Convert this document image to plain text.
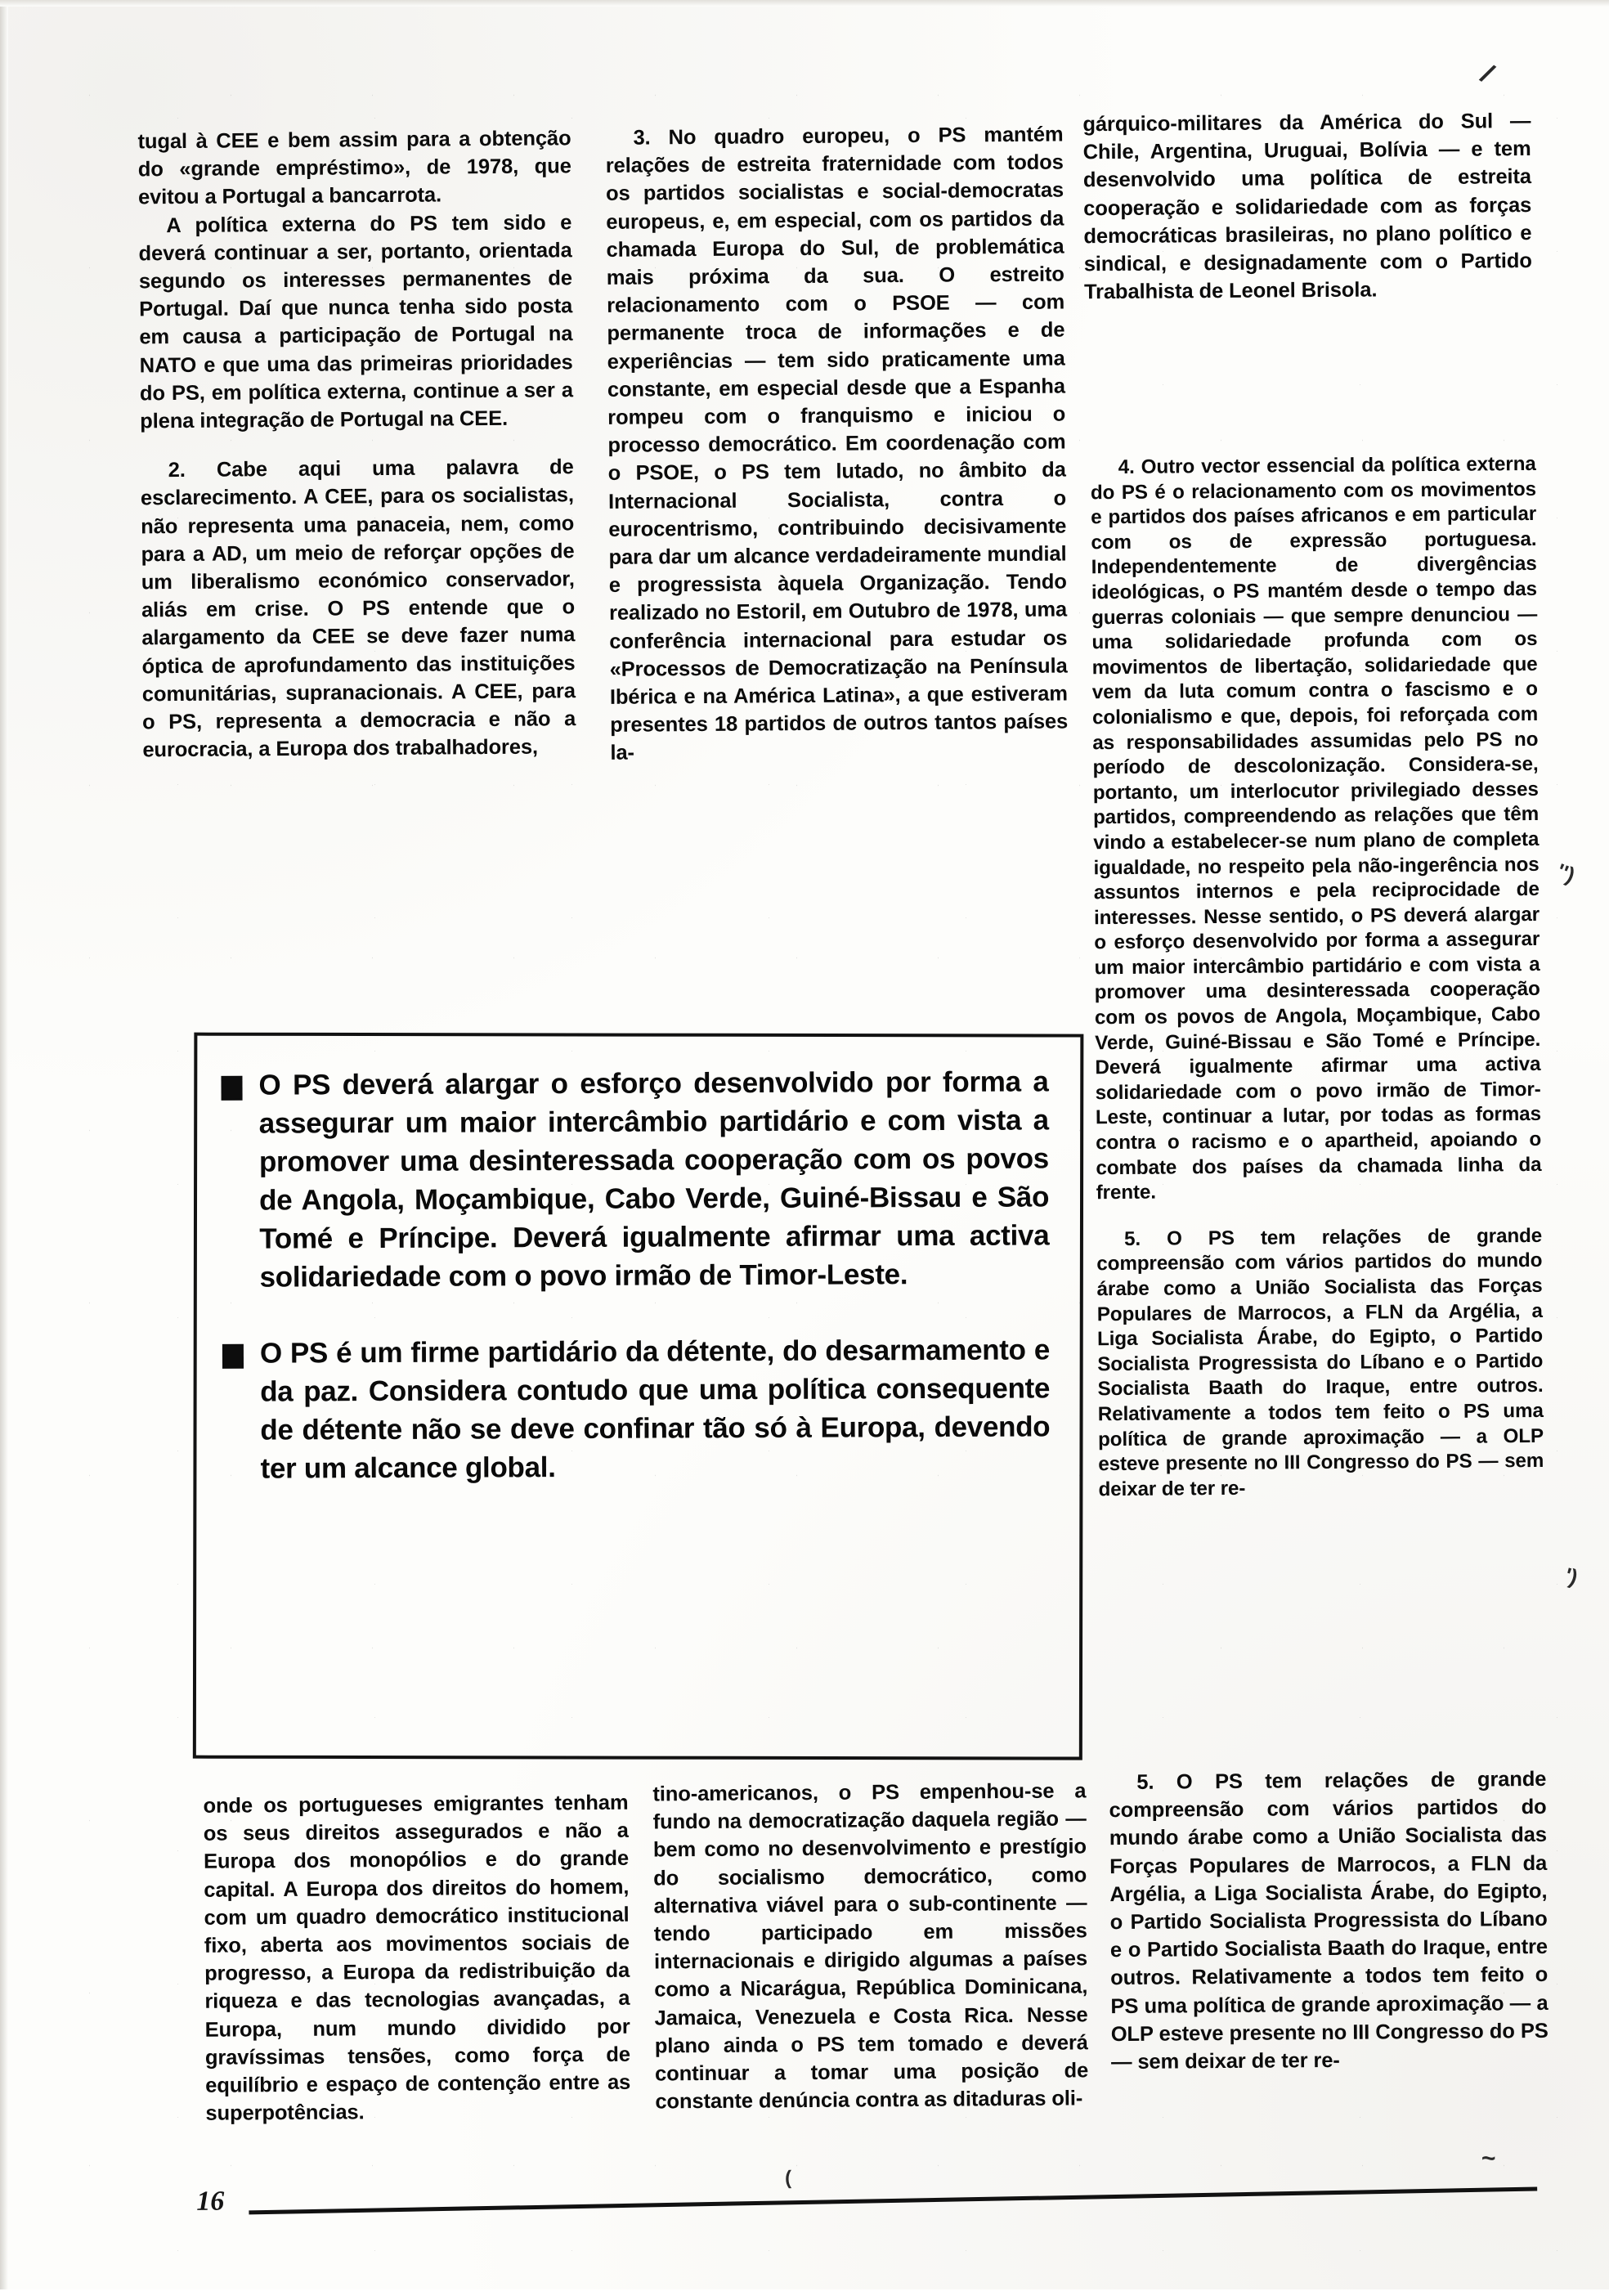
tugal à CEE e bem assim para a obtenção do «grande empréstimo», de 1978, que evitou a Portugal a bancarrota.

A política externa do PS tem sido e deverá continuar a ser, portanto, orientada segundo os interesses permanentes de Portugal. Daí que nunca tenha sido posta em causa a participação de Portugal na NATO e que uma das primeiras prioridades do PS, em política externa, continue a ser a plena integração de Portugal na CEE.

2. Cabe aqui uma palavra de esclarecimento. A CEE, para os socialistas, não representa uma panaceia, nem, como para a AD, um meio de reforçar opções de um liberalismo económico conservador, aliás em crise. O PS entende que o alargamento da CEE se deve fazer numa óptica de aprofundamento das instituições comunitárias, supranacionais. A CEE, para o PS, representa a democracia e não a eurocracia, a Europa dos trabalhadores,

3. No quadro europeu, o PS mantém relações de estreita fraternidade com todos os partidos socialistas e social-democratas europeus, e, em especial, com os partidos da chamada Europa do Sul, de problemática mais próxima da sua. O estreito relacionamento com o PSOE — com permanente troca de informações e de experiências — tem sido praticamente uma constante, em especial desde que a Espanha rompeu com o franquismo e iniciou o processo democrático. Em coordenação com o PSOE, o PS tem lutado, no âmbito da Internacional Socialista, contra o eurocentrismo, contribuindo decisivamente para dar um alcance verdadeiramente mundial e progressista àquela Organização. Tendo realizado no Estoril, em Outubro de 1978, uma conferência internacional para estudar os «Processos de Democratização na Península Ibérica e na América Latina», a que estiveram presentes 18 partidos de outros tantos países la-

gárquico-militares da América do Sul — Chile, Argentina, Uruguai, Bolívia — e tem desenvolvido uma política de estreita cooperação e solidariedade com as forças democráticas brasileiras, no plano político e sindical, e designadamente com o Partido Trabalhista de Leonel Brisola.

4. Outro vector essencial da política externa do PS é o relacionamento com os movimentos e partidos dos países africanos e em particular com os de expressão portuguesa. Independentemente de divergências ideológicas, o PS mantém desde o tempo das guerras coloniais — que sempre denunciou — uma solidariedade profunda com os movimentos de libertação, solidariedade que vem da luta comum contra o fascismo e o colonialismo e que, depois, foi reforçada com as responsabilidades assumidas pelo PS no período de descolonização. Considera-se, portanto, um interlocutor privilegiado desses partidos, compreendendo as relações que têm vindo a estabelecer-se num plano de completa igualdade, no respeito pela não-ingerência nos assuntos internos e pela reciprocidade de interesses. Nesse sentido, o PS deverá alargar o esforço desenvolvido por forma a assegurar um maior intercâmbio partidário e com vista a promover uma desinteressada cooperação com os povos de Angola, Moçambique, Cabo Verde, Guiné-Bissau e São Tomé e Príncipe. Deverá igualmente afirmar uma activa solidariedade com o povo irmão de Timor-Leste, continuar a lutar, por todas as formas contra o racismo e o apartheid, apoiando o combate dos países da chamada linha da frente.

5. O PS tem relações de grande compreensão com vários partidos do mundo árabe como a União Socialista das Forças Populares de Marrocos, a FLN da Argélia, a Liga Socialista Árabe, do Egipto, o Partido Socialista Progressista do Líbano e o Partido Socialista Baath do Iraque, entre outros. Relativamente a todos tem feito o PS uma política de grande aproximação — a OLP esteve presente no III Congresso do PS — sem deixar de ter re-

O PS deverá alargar o esforço desenvolvido por forma a assegurar um maior intercâmbio partidário e com vista a promover uma desinteressada cooperação com os povos de Angola, Moçambique, Cabo Verde, Guiné-Bissau e São Tomé e Príncipe. Deverá igualmente afirmar uma activa solidariedade com o povo irmão de Timor-Leste.
O PS é um firme partidário da détente, do desarmamento e da paz. Considera contudo que uma política consequente de détente não se deve confinar tão só à Europa, devendo ter um alcance global.

onde os portugueses emigrantes tenham os seus direitos assegurados e não a Europa dos monopólios e do grande capital. A Europa dos direitos do homem, com um quadro democrático institucional fixo, aberta aos movimentos sociais de progresso, a Europa da redistribuição da riqueza e das tecnologias avançadas, a Europa, num mundo dividido por gravíssimas tensões, como força de equilíbrio e espaço de contenção entre as superpotências.

tino-americanos, o PS empenhou-se a fundo na democratização daquela região — bem como no desenvolvimento e prestígio do socialismo democrático, como alternativa viável para o sub-continente — tendo participado em missões internacionais e dirigido algumas a países como a Nicarágua, República Dominicana, Jamaica, Venezuela e Costa Rica. Nesse plano ainda o PS tem tomado e deverá continuar a tomar uma posição de constante denúncia contra as ditaduras oli-

5. O PS tem relações de grande compreensão com vários partidos do mundo árabe como a União Socialista das Forças Populares de Marrocos, a FLN da Argélia, a Liga Socialista Árabe, do Egipto, o Partido Socialista Progressista do Líbano e o Partido Socialista Baath do Iraque, entre outros. Relativamente a todos tem feito o PS uma política de grande aproximação — a OLP esteve presente no III Congresso do PS — sem deixar de ter re-

16
/
'')
')
~
(
